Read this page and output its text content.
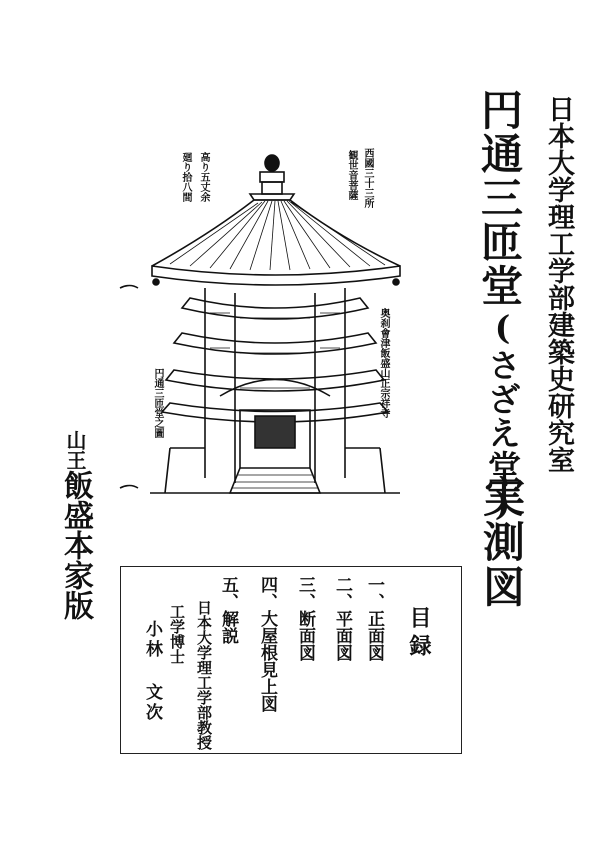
日本大学理工学部建築史研究室
円通三匝堂
(さざえ堂)
実測図
高り五丈余
廻り拾八間	西國三十三所
観世音菩薩
奥刹會津飯盛山正宗祥寺
円通三匝堂之圖
山王飯盛本家版
目録
一、正面図
二、平面図
三、断面図
四、大屋根見上図
五、解説
日本大学理工学部教授
工学博士
小林 文次
